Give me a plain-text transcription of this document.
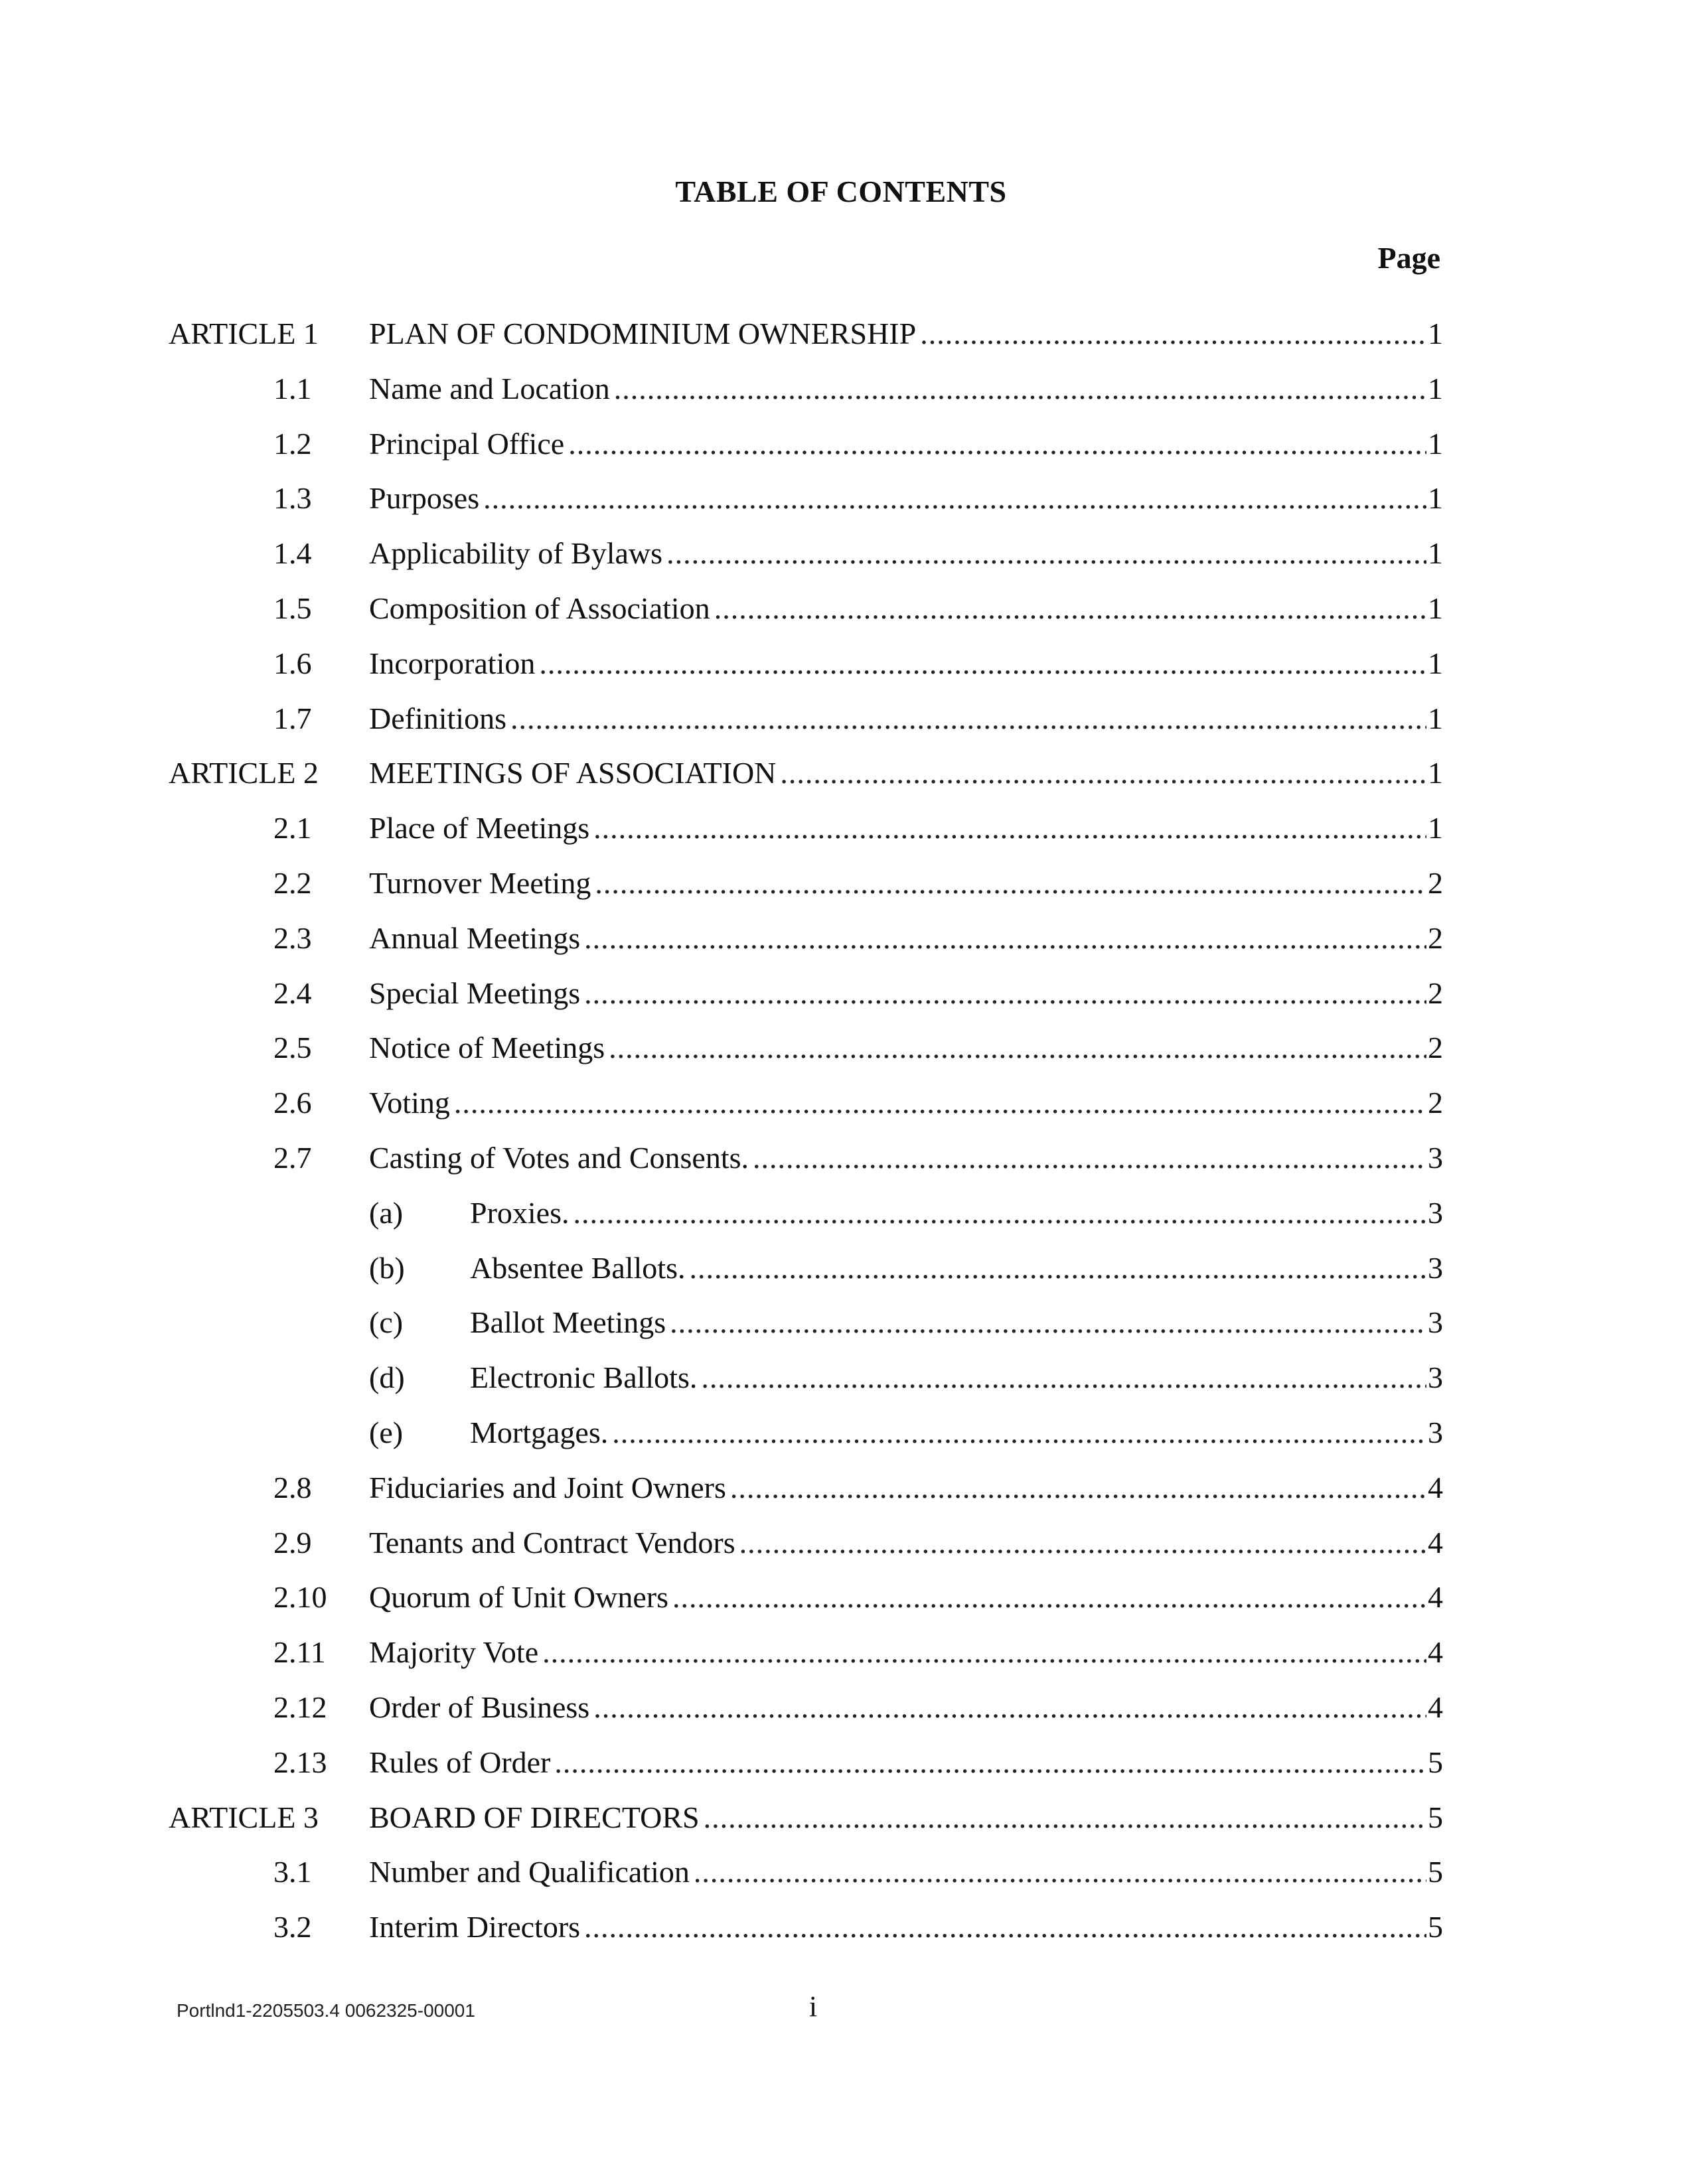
TABLE OF CONTENTS
Page
ARTICLE 1	PLAN OF CONDOMINIUM OWNERSHIP .....	1
1.1	Name and Location .....	1
1.2	Principal Office .....	1
1.3	Purposes .....	1
1.4	Applicability of Bylaws .....	1
1.5	Composition of Association .....	1
1.6	Incorporation .....	1
1.7	Definitions .....	1
ARTICLE 2	MEETINGS OF ASSOCIATION .....	1
2.1	Place of Meetings .....	1
2.2	Turnover Meeting .....	2
2.3	Annual Meetings .....	2
2.4	Special Meetings .....	2
2.5	Notice of Meetings .....	2
2.6	Voting .....	2
2.7	Casting of Votes and Consents. .....	3
(a)	Proxies. .....	3
(b)	Absentee Ballots. .....	3
(c)	Ballot Meetings .....	3
(d)	Electronic Ballots. .....	3
(e)	Mortgages. .....	3
2.8	Fiduciaries and Joint Owners .....	4
2.9	Tenants and Contract Vendors .....	4
2.10	Quorum of Unit Owners .....	4
2.11	Majority Vote .....	4
2.12	Order of Business .....	4
2.13	Rules of Order .....	5
ARTICLE 3	BOARD OF DIRECTORS .....	5
3.1	Number and Qualification .....	5
3.2	Interim Directors .....	5
Portlnd1-2205503.4 0062325-00001	i
